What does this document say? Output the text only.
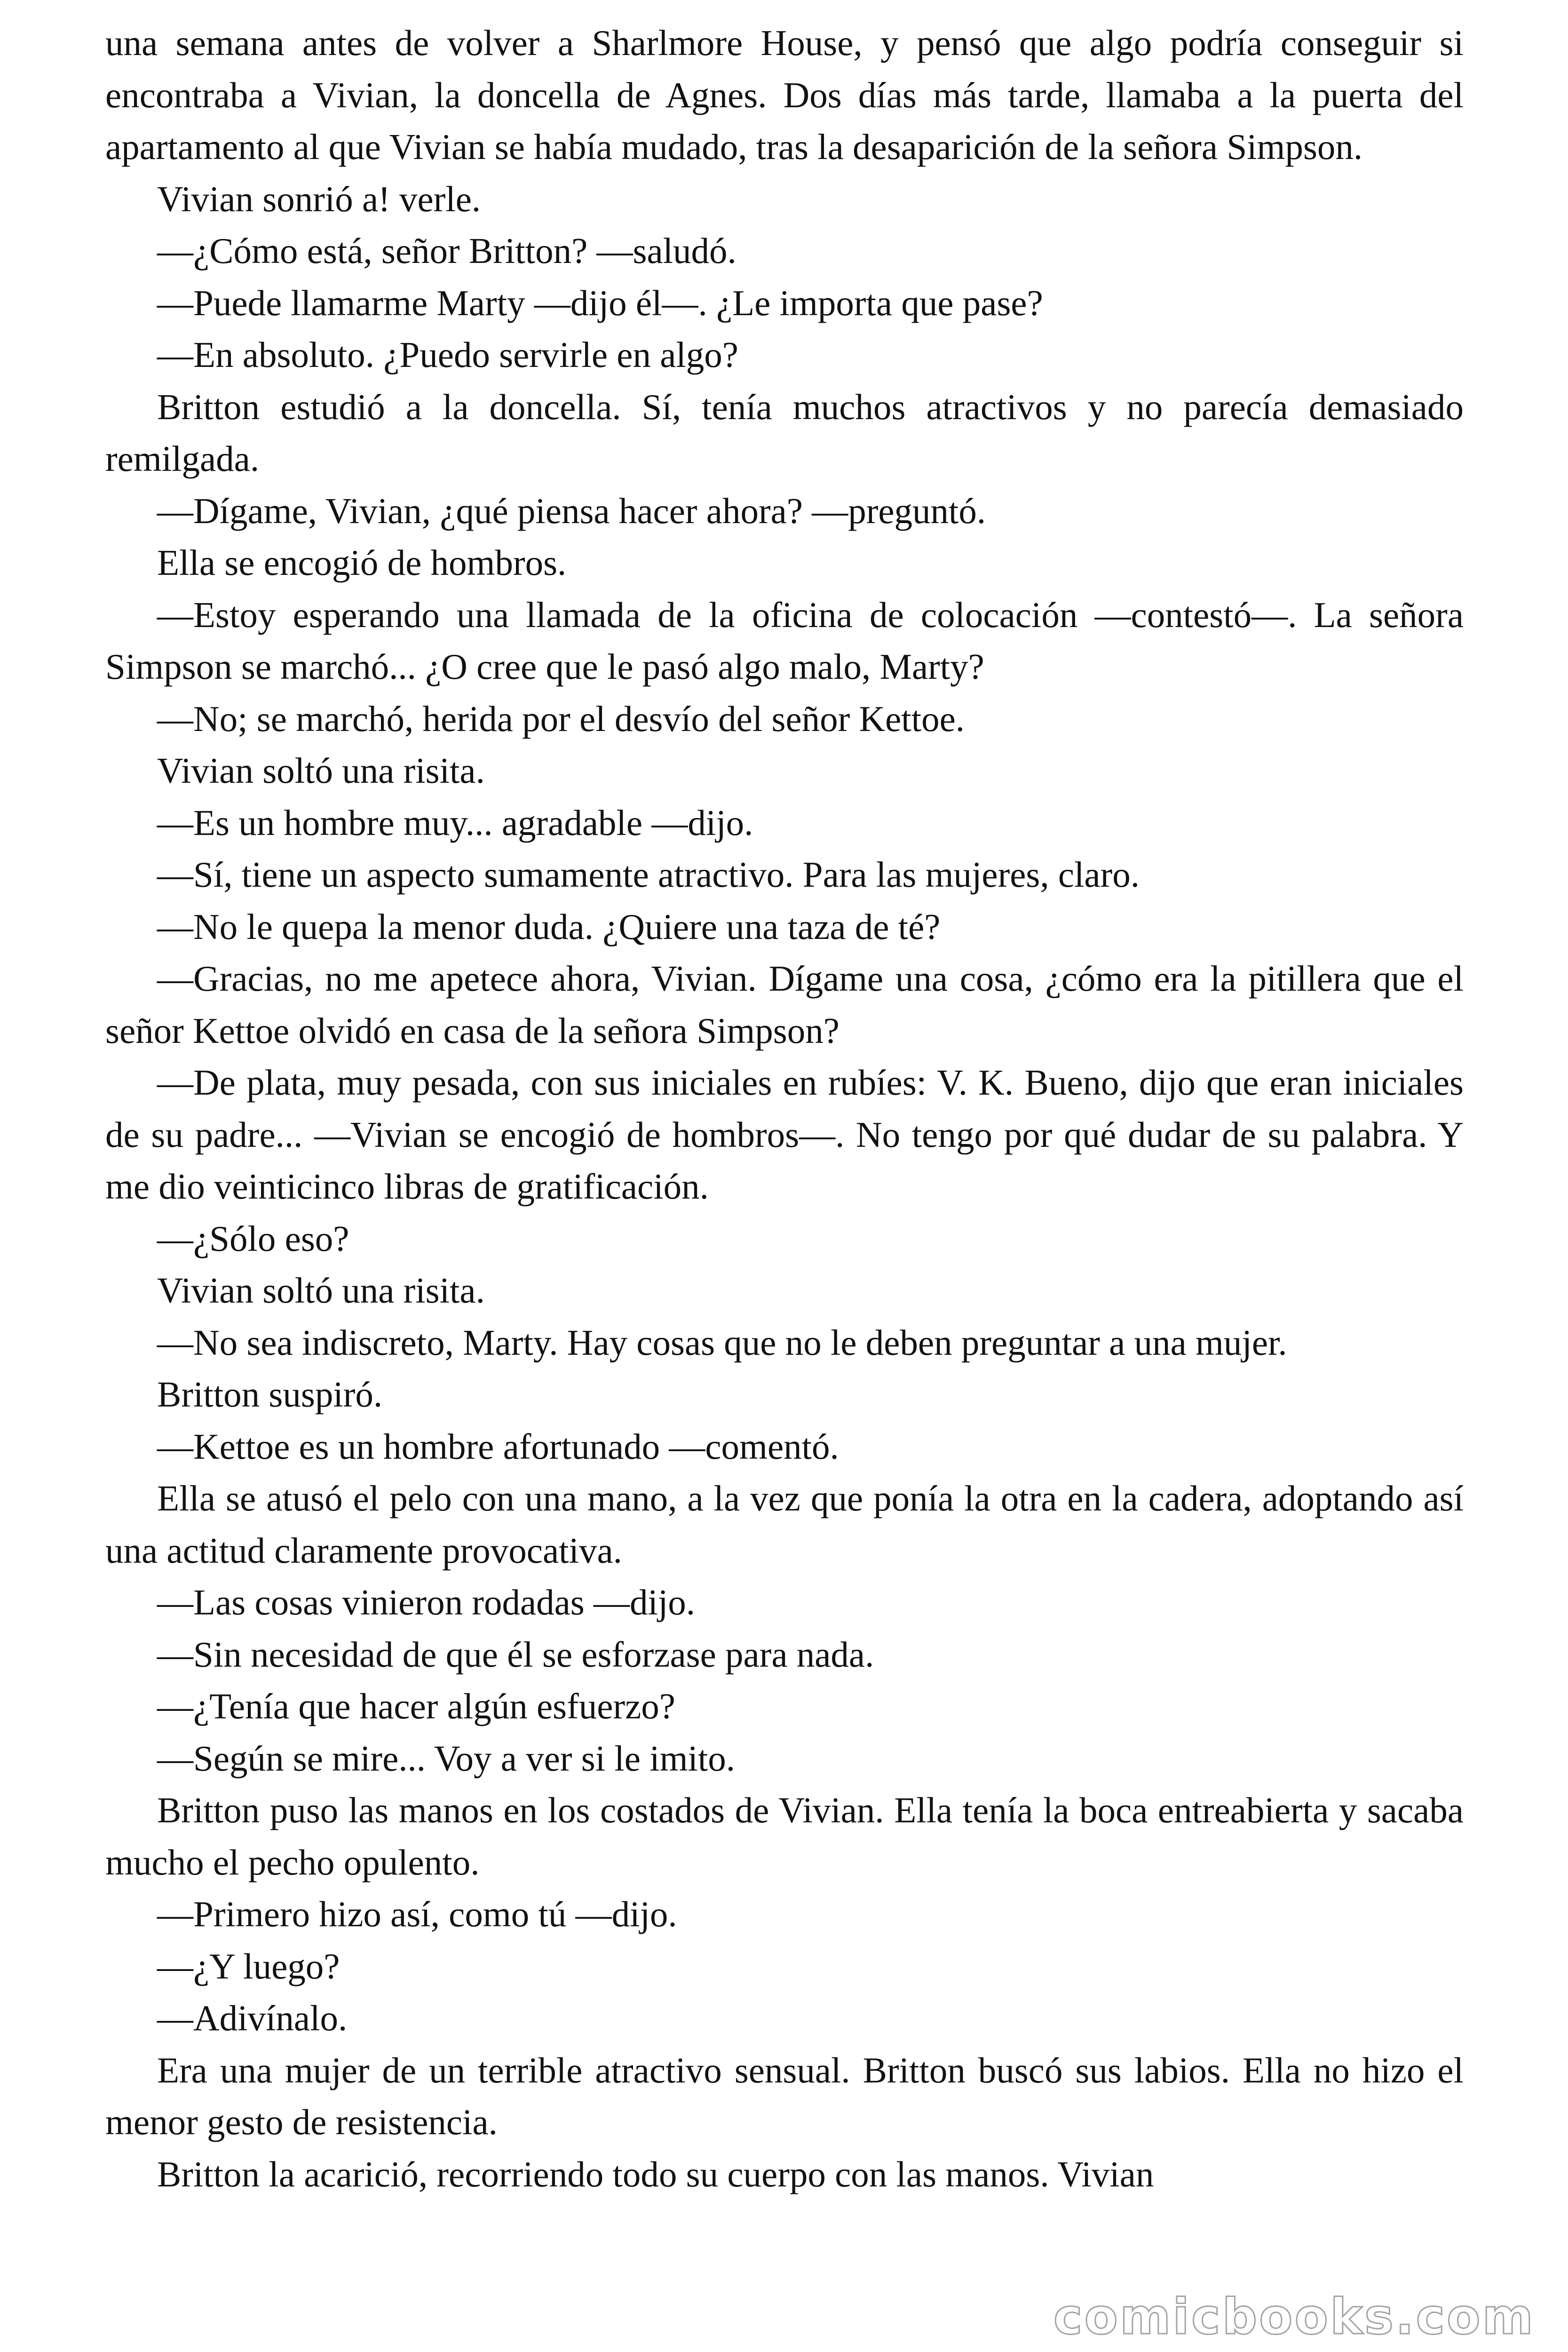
una semana antes de volver a Sharlmore House, y pensó que algo podría conseguir si encontraba a Vivian, la doncella de Agnes. Dos días más tarde, llamaba a la puerta del apartamento al que Vivian se había mudado, tras la desaparición de la señora Simpson.

Vivian sonrió a! verle.

—¿Cómo está, señor Britton? —saludó.

—Puede llamarme Marty —dijo él—. ¿Le importa que pase?

—En absoluto. ¿Puedo servirle en algo?

Britton estudió a la doncella. Sí, tenía muchos atractivos y no parecía demasiado remilgada.

—Dígame, Vivian, ¿qué piensa hacer ahora? —preguntó.

Ella se encogió de hombros.

—Estoy esperando una llamada de la oficina de colocación —contestó—. La señora Simpson se marchó... ¿O cree que le pasó algo malo, Marty?

—No; se marchó, herida por el desvío del señor Kettoe.

Vivian soltó una risita.

—Es un hombre muy... agradable —dijo.

—Sí, tiene un aspecto sumamente atractivo. Para las mujeres, claro.

—No le quepa la menor duda. ¿Quiere una taza de té?

—Gracias, no me apetece ahora, Vivian. Dígame una cosa, ¿cómo era la pitillera que el señor Kettoe olvidó en casa de la señora Simpson?

—De plata, muy pesada, con sus iniciales en rubíes: V. K. Bueno, dijo que eran iniciales de su padre... —Vivian se encogió de hombros—. No tengo por qué dudar de su palabra. Y me dio veinticinco libras de gratificación.

—¿Sólo eso?

Vivian soltó una risita.

—No sea indiscreto, Marty. Hay cosas que no le deben preguntar a una mujer.

Britton suspiró.

—Kettoe es un hombre afortunado —comentó.

Ella se atusó el pelo con una mano, a la vez que ponía la otra en la cadera, adoptando así una actitud claramente provocativa.

—Las cosas vinieron rodadas —dijo.

—Sin necesidad de que él se esforzase para nada.

—¿Tenía que hacer algún esfuerzo?

—Según se mire... Voy a ver si le imito.

Britton puso las manos en los costados de Vivian. Ella tenía la boca entreabierta y sacaba mucho el pecho opulento.

—Primero hizo así, como tú —dijo.

—¿Y luego?

—Adivínalo.

Era una mujer de un terrible atractivo sensual. Britton buscó sus labios. Ella no hizo el menor gesto de resistencia.

Britton la acarició, recorriendo todo su cuerpo con las manos. Vivian

comicbooks.com
